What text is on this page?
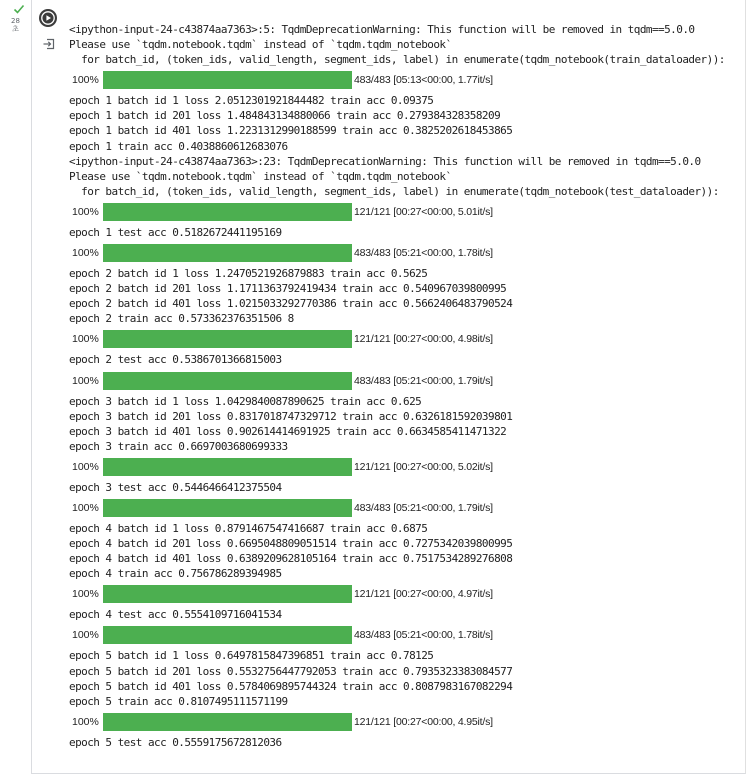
28
초	<ipython-input-24-c43874aa7363>:5: TqdmDeprecationWarning: This function will be removed in tqdm==5.0.0
Please use `tqdm.notebook.tqdm` instead of `tqdm.tqdm_notebook`
for batch_id, (token_ids, valid_length, segment_ids, label) in enumerate(tqdm_notebook(train_dataloader)):
100%	483/483 [05:13<00:00, 1.77it/s]
epoch 1 batch id 1 loss 2.0512301921844482 train acc 0.09375
epoch 1 batch id 201 loss 1.484843134880066 train acc 0.279384328358209
epoch 1 batch id 401 loss 1.2231312990188599 train acc 0.3825202618453865
epoch 1 train acc 0.4038860612683076
<ipython-input-24-c43874aa7363>:23: TqdmDeprecationWarning: This function will be removed in tqdm==5.0.0
Please use `tqdm.notebook.tqdm` instead of `tqdm.tqdm_notebook`
for batch_id, (token_ids, valid_length, segment_ids, label) in enumerate(tqdm_notebook(test_dataloader)):
100%	121/121 [00:27<00:00, 5.01it/s]
epoch 1 test acc 0.5182672441195169
100%	483/483 [05:21<00:00, 1.78it/s]
epoch 2 batch id 1 loss 1.2470521926879883 train acc 0.5625
epoch 2 batch id 201 loss 1.1711363792419434 train acc 0.540967039800995
epoch 2 batch id 401 loss 1.0215033292770386 train acc 0.5662406483790524
epoch 2 train acc 0.573362376351506 8
100%	121/121 [00:27<00:00, 4.98it/s]
epoch 2 test acc 0.5386701366815003
100%	483/483 [05:21<00:00, 1.79it/s]
epoch 3 batch id 1 loss 1.0429840087890625 train acc 0.625
epoch 3 batch id 201 loss 0.8317018747329712 train acc 0.6326181592039801
epoch 3 batch id 401 loss 0.902614414691925 train acc 0.6634585411471322
epoch 3 train acc 0.6697003680699333
100%	121/121 [00:27<00:00, 5.02it/s]
epoch 3 test acc 0.5446466412375504
100%	483/483 [05:21<00:00, 1.79it/s]
epoch 4 batch id 1 loss 0.8791467547416687 train acc 0.6875
epoch 4 batch id 201 loss 0.6695048809051514 train acc 0.7275342039800995
epoch 4 batch id 401 loss 0.6389209628105164 train acc 0.7517534289276808
epoch 4 train acc 0.756786289394985
100%	121/121 [00:27<00:00, 4.97it/s]
epoch 4 test acc 0.5554109716041534
100%	483/483 [05:21<00:00, 1.78it/s]
epoch 5 batch id 1 loss 0.6497815847396851 train acc 0.78125
epoch 5 batch id 201 loss 0.5532756447792053 train acc 0.7935323383084577
epoch 5 batch id 401 loss 0.5784069895744324 train acc 0.8087983167082294
epoch 5 train acc 0.8107495111571199
100%	121/121 [00:27<00:00, 4.95it/s]
epoch 5 test acc 0.5559175672812036
